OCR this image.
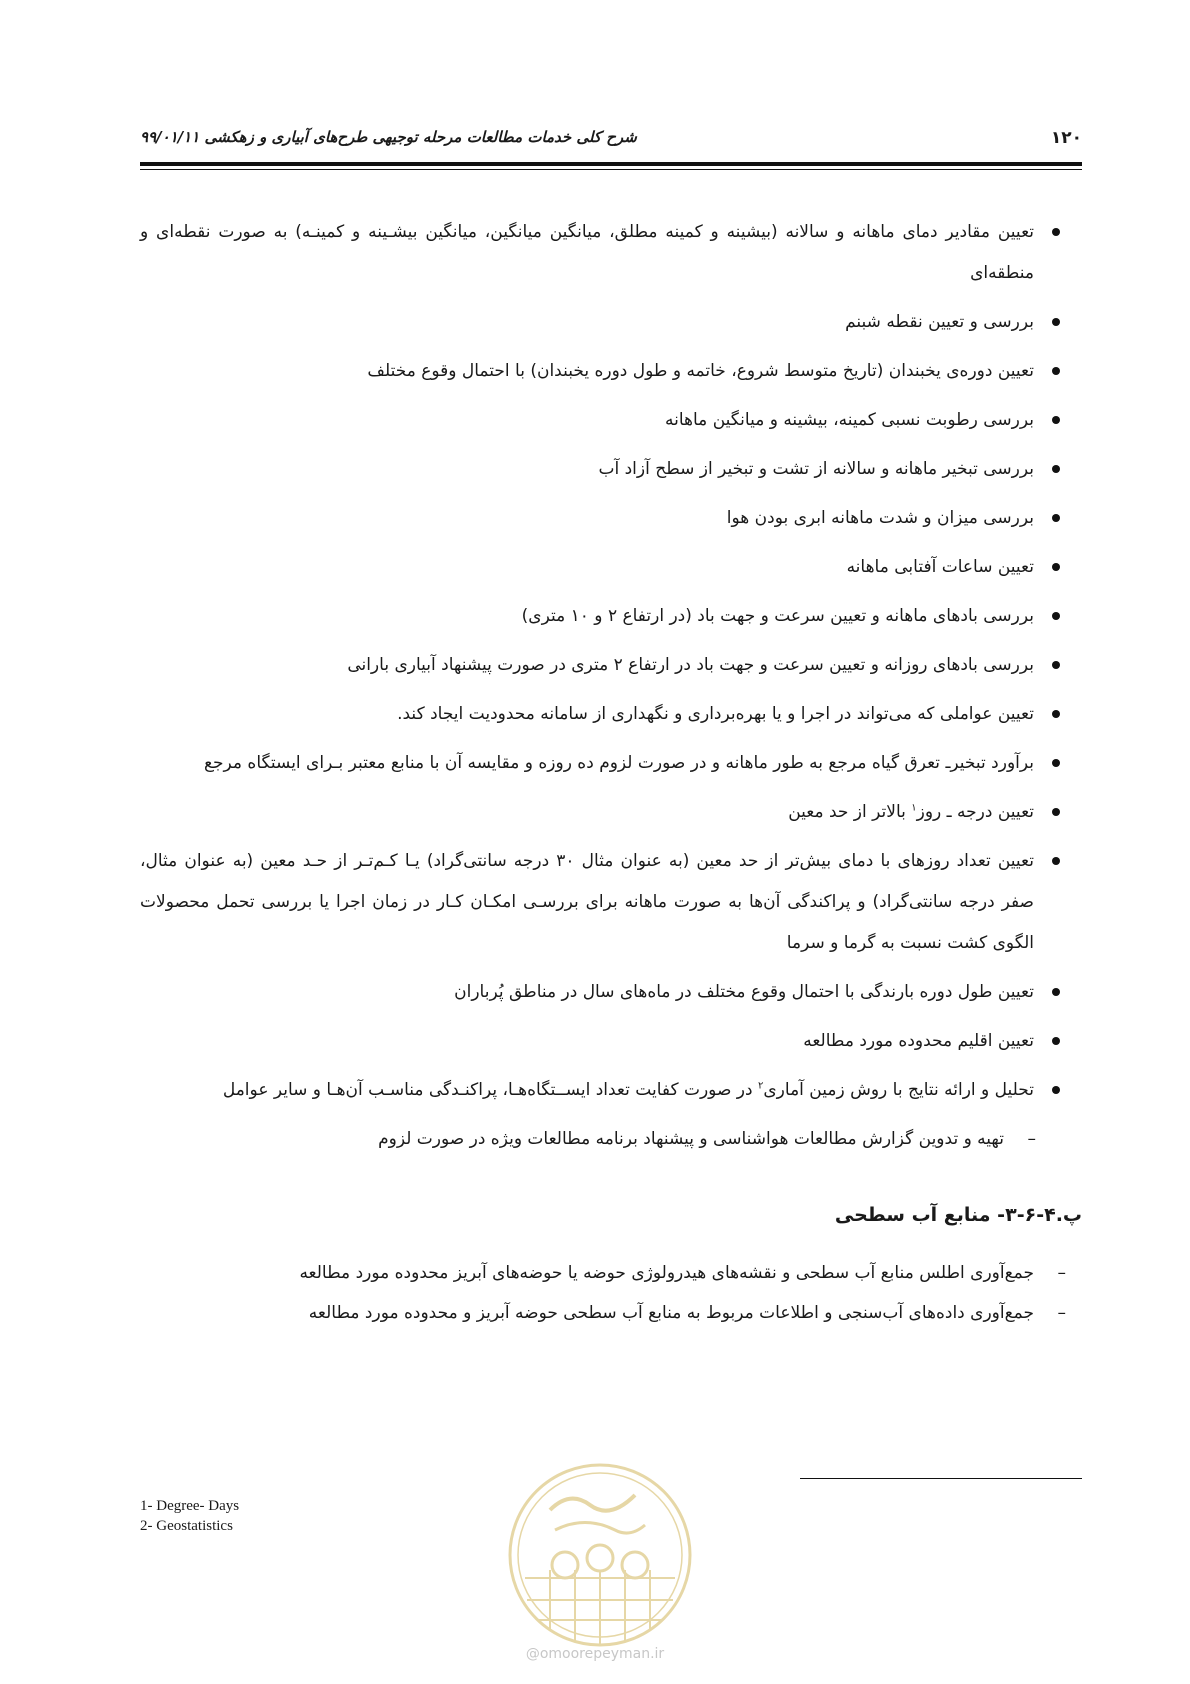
۱۲۰
شرح کلی خدمات مطالعات مرحله توجیهی طرح‌های آبیاری و زهکشی ۹۹/۰۱/۱۱
تعیین مقادیر دمای ماهانه و سالانه (بیشینه و کمینه مطلق، میانگین میانگین، میانگین بیشـینه و کمینـه) به صورت نقطه‌ای و منطقه‌ای
بررسی و تعیین نقطه شبنم
تعیین دوره‌ی یخبندان (تاریخ متوسط شروع، خاتمه و طول دوره یخبندان) با احتمال وقوع مختلف
بررسی رطوبت نسبی کمینه، بیشینه و میانگین ماهانه
بررسی تبخیر ماهانه و سالانه از تشت و تبخیر از سطح آزاد آب
بررسی میزان و شدت ماهانه ابری بودن هوا
تعیین ساعات آفتابی ماهانه
بررسی بادهای ماهانه و تعیین سرعت و جهت باد (در ارتفاع ۲ و ۱۰ متری)
بررسی بادهای روزانه و تعیین سرعت و جهت باد در ارتفاع ۲ متری در صورت پیشنهاد آبیاری بارانی
تعیین عواملی که می‌تواند در اجرا و یا بهره‌برداری و نگهداری از سامانه محدودیت ایجاد کند.
برآورد تبخیرـ تعرق گیاه مرجع به طور ماهانه و در صورت لزوم ده روزه و مقایسه آن با منابع معتبر بـرای ایستگاه مرجع
تعیین درجه ـ روز$^۱$ بالاتر از حد معین
تعیین تعداد روزهای با دمای بیش‌تر از حد معین (به عنوان مثال ۳۰ درجه سانتی‌گراد) یـا کـم‌تـر از حـد معین (به عنوان مثال، صفر درجه سانتی‌گراد) و پراکندگی آن‌ها به صورت ماهانه برای بررسـی امکـان کـار در زمان اجرا یا بررسی تحمل محصولات الگوی کشت نسبت به گرما و سرما
تعیین طول دوره بارندگی با احتمال وقوع مختلف در ماه‌های سال در مناطق پُرباران
تعیین اقلیم محدوده مورد مطالعه
تحلیل و ارائه نتایج با روش زمین آماری$^۲$ در صورت کفایت تعداد ایســتگاه‌هـا، پراکنـدگی مناسـب آن‌هـا و سایر عوامل
–
تهیه و تدوین گزارش مطالعات هواشناسی و پیشنهاد برنامه مطالعات ویژه در صورت لزوم
پ.۴-۶-۳- منابع آب سطحی
–
جمع‌آوری اطلس منابع آب سطحی و نقشه‌های هیدرولوژی حوضه یا حوضه‌های آبریز محدوده مورد مطالعه
–
جمع‌آوری داده‌های آب‌سنجی و اطلاعات مربوط به منابع آب سطحی حوضه آبریز و محدوده مورد مطالعه
1- Degree- Days
2- Geostatistics
@omoorepeyman.ir
